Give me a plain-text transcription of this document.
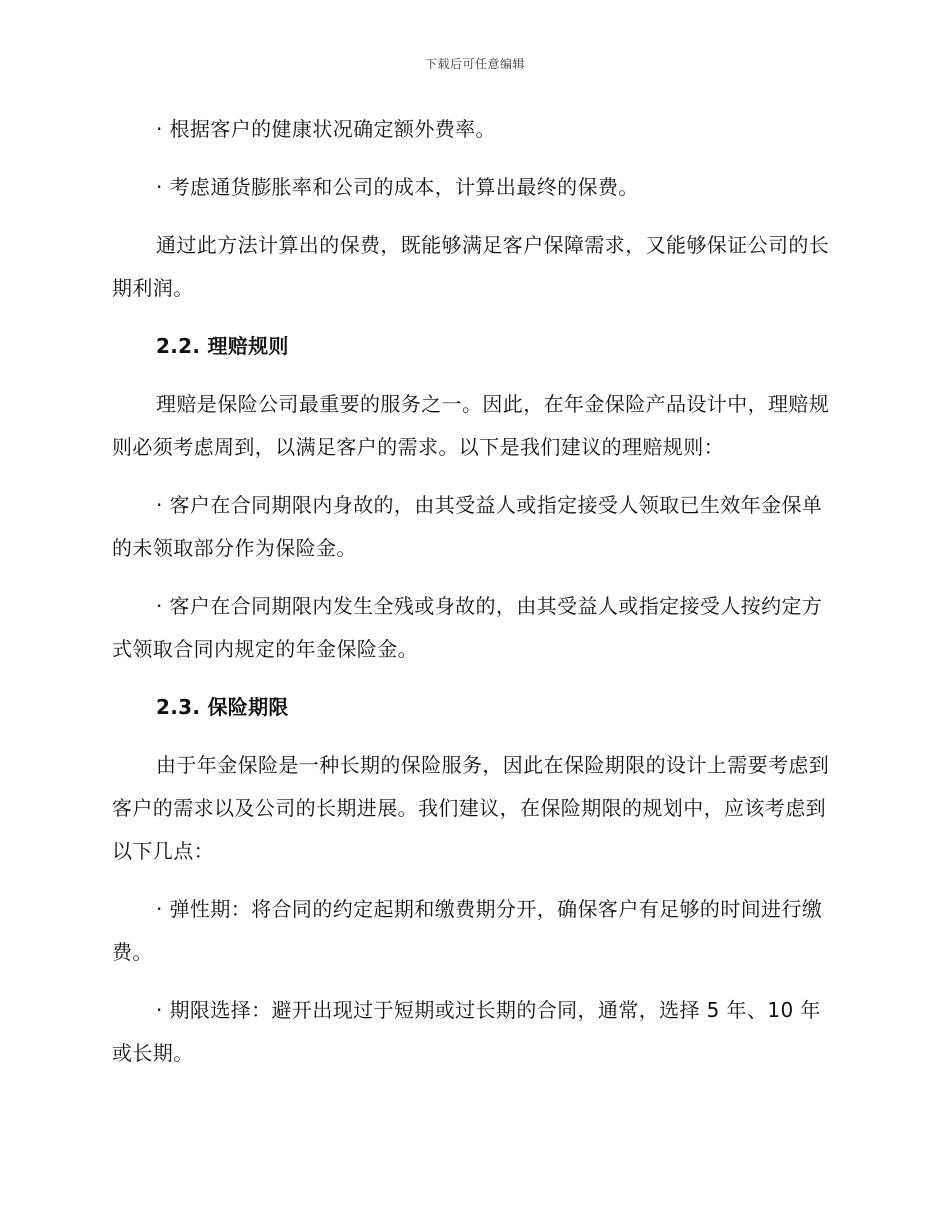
下载后可任意编辑

· 根据客户的健康状况确定额外费率。

· 考虑通货膨胀率和公司的成本，计算出最终的保费。

通过此方法计算出的保费，既能够满足客户保障需求，又能够保证公司的长期利润。

2.2. 理赔规则

理赔是保险公司最重要的服务之一。因此，在年金保险产品设计中，理赔规则必须考虑周到，以满足客户的需求。以下是我们建议的理赔规则：

· 客户在合同期限内身故的，由其受益人或指定接受人领取已生效年金保单的未领取部分作为保险金。

· 客户在合同期限内发生全残或身故的，由其受益人或指定接受人按约定方式领取合同内规定的年金保险金。

2.3. 保险期限

由于年金保险是一种长期的保险服务，因此在保险期限的设计上需要考虑到客户的需求以及公司的长期进展。我们建议，在保险期限的规划中，应该考虑到以下几点：

· 弹性期：将合同的约定起期和缴费期分开，确保客户有足够的时间进行缴费。

· 期限选择：避开出现过于短期或过长期的合同，通常，选择 5 年、10 年或长期。
